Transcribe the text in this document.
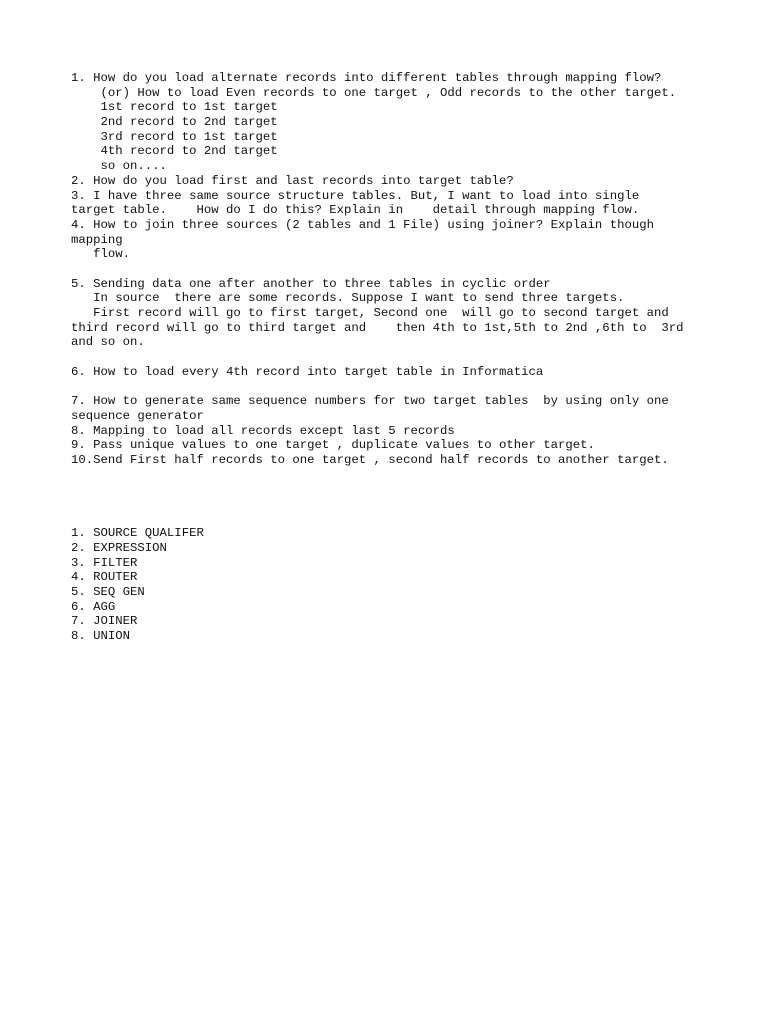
1. How do you load alternate records into different tables through mapping flow?
(or) How to load Even records to one target , Odd records to the other target.
1st record to 1st target
2nd record to 2nd target
3rd record to 1st target
4th record to 2nd target
so on....
2. How do you load first and last records into target table?
3. I have three same source structure tables. But, I want to load into single
target table.    How do I do this? Explain in    detail through mapping flow.
4. How to join three sources (2 tables and 1 File) using joiner? Explain though
mapping
flow.
5. Sending data one after another to three tables in cyclic order
In source  there are some records. Suppose I want to send three targets.
First record will go to first target, Second one  will go to second target and
third record will go to third target and    then 4th to 1st,5th to 2nd ,6th to  3rd
and so on.
6. How to load every 4th record into target table in Informatica
7. How to generate same sequence numbers for two target tables  by using only one
sequence generator
8. Mapping to load all records except last 5 records
9. Pass unique values to one target , duplicate values to other target.
10.Send First half records to one target , second half records to another target.
1. SOURCE QUALIFER
2. EXPRESSION
3. FILTER
4. ROUTER
5. SEQ GEN
6. AGG
7. JOINER
8. UNION
